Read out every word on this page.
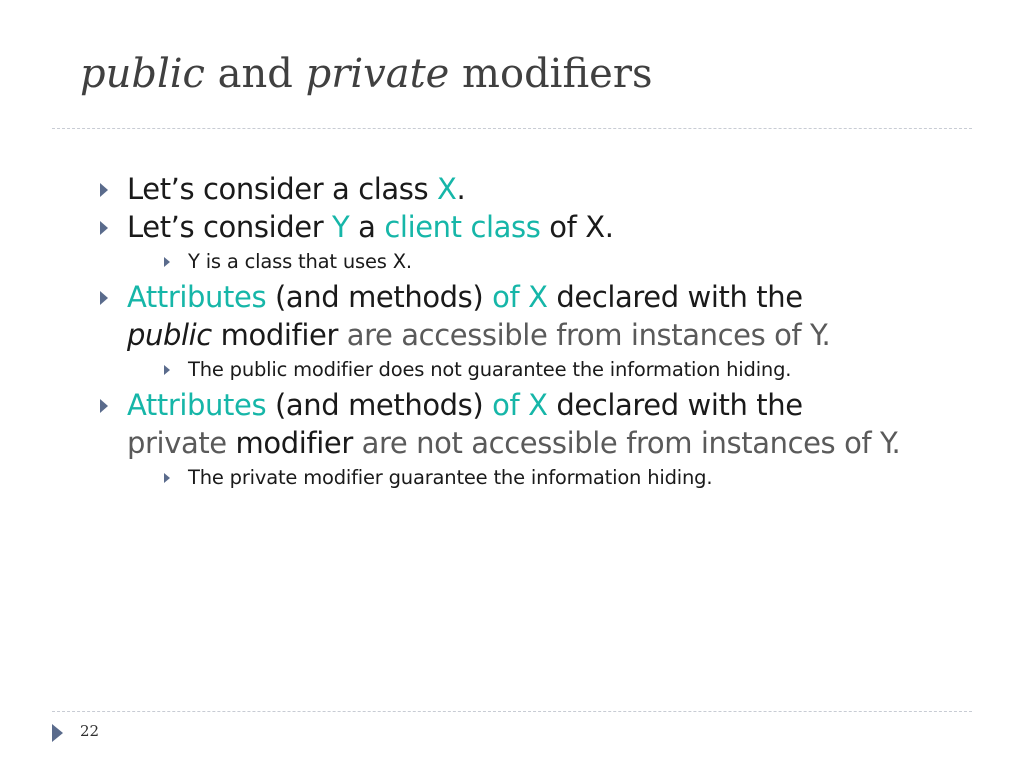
public and private modifiers

Let’s consider a class X.

Let’s consider Y a client class of X.

Y is a class that uses X.

Attributes (and methods) of X declared with the
public modifier are accessible from instances of Y.

The public modifier does not guarantee the information hiding.

Attributes (and methods) of X declared with the
private modifier are not accessible from instances of Y.

The private modifier guarantee the information hiding.

22
